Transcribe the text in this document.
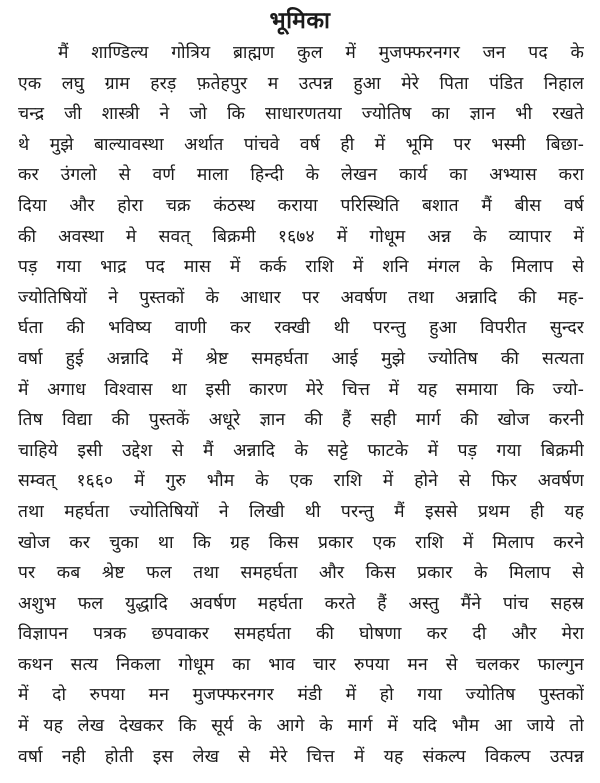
भूमिका
मैं शाण्डिल्य गोत्रिय ब्राह्मण कुल में मुजफ्फरनगर जन पद के
एक लघु ग्राम हरड़ फ़तेहपुर म उत्पन्न हुआ मेरे पिता पंडित निहाल
चन्द्र जी शास्त्री ने जो कि साधारणतया ज्योतिष का ज्ञान भी रखते
थे मुझे बाल्यावस्था अर्थात पांचवे वर्ष ही में भूमि पर भस्मी बिछा-
कर उंगलो से वर्ण माला हिन्दी के लेखन कार्य का अभ्यास करा
दिया और होरा चक्र कंठस्थ कराया परिस्थिति बशात मैं बीस वर्ष
की अवस्था मे सवत् बिक्रमी १६७४ में गोधूम अन्न के व्यापार में
पड़ गया भाद्र पद मास में कर्क राशि में शनि मंगल के मिलाप से
ज्योतिषियों ने पुस्तकों के आधार पर अवर्षण तथा अन्नादि की मह-
र्घता की भविष्य वाणी कर रक्खी थी परन्तु हुआ विपरीत सुन्दर
वर्षा हुई अन्नादि में श्रेष्ट समहर्घता आई मुझे ज्योतिष की सत्यता
में अगाध विश्वास था इसी कारण मेरे चित्त में यह समाया कि ज्यो-
तिष विद्या की पुस्तकें अधूरे ज्ञान की हैं सही मार्ग की खोज करनी
चाहिये इसी उद्देश से मैं अन्नादि के सट्टे फाटके में पड़ गया बिक्रमी
सम्वत् १६६० में गुरु भौम के एक राशि में होने से फिर अवर्षण
तथा महर्घता ज्योतिषियों ने लिखी थी परन्तु मैं इससे प्रथम ही यह
खोज कर चुका था कि ग्रह किस प्रकार एक राशि में मिलाप करने
पर कब श्रेष्ट फल तथा समहर्घता और किस प्रकार के मिलाप से
अशुभ फल युद्धादि अवर्षण महर्घता करते हैं अस्तु मैंने पांच सहस्र
विज्ञापन पत्रक छपवाकर समहर्घता की घोषणा कर दी और मेरा
कथन सत्य निकला गोधूम का भाव चार रुपया मन से चलकर फाल्गुन
में दो रुपया मन मुजफ्फरनगर मंडी में हो गया ज्योतिष पुस्तकों
में यह लेख देखकर कि सूर्य के आगे के मार्ग में यदि भौम आ जाये तो
वर्षा नही होती इस लेख से मेरे चित्त में यह संकल्प विकल्प उत्पन्न
